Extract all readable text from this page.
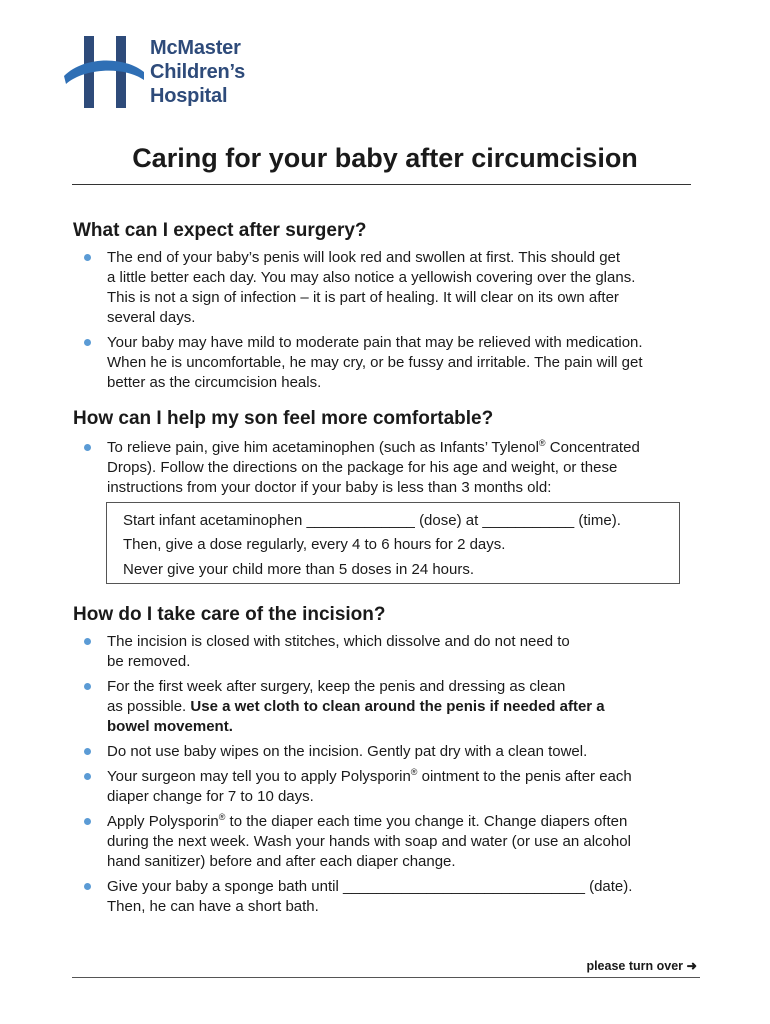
McMaster
Children’s
Hospital
Caring for your baby after circumcision
What can I expect after surgery?
The end of your baby’s penis will look red and swollen at first. This should get
a little better each day. You may also notice a yellowish covering over the glans.
This is not a sign of infection – it is part of healing. It will clear on its own after
several days.
Your baby may have mild to moderate pain that may be relieved with medication.
When he is uncomfortable, he may cry, or be fussy and irritable. The pain will get
better as the circumcision heals.
How can I help my son feel more comfortable?
To relieve pain, give him acetaminophen (such as Infants’ Tylenol® Concentrated
Drops). Follow the directions on the package for his age and weight, or these
instructions from your doctor if your baby is less than 3 months old:
Start infant acetaminophen _____________ (dose) at ___________ (time).
Then, give a dose regularly, every 4 to 6 hours for 2 days.
Never give your child more than 5 doses in 24 hours.
How do I take care of the incision?
The incision is closed with stitches, which dissolve and do not need to
be removed.
For the first week after surgery, keep the penis and dressing as clean
as possible. Use a wet cloth to clean around the penis if needed after a
bowel movement.
Do not use baby wipes on the incision. Gently pat dry with a clean towel.
Your surgeon may tell you to apply Polysporin® ointment to the penis after each
diaper change for 7 to 10 days.
Apply Polysporin® to the diaper each time you change it. Change diapers often
during the next week. Wash your hands with soap and water (or use an alcohol
hand sanitizer) before and after each diaper change.
Give your baby a sponge bath until _____________________________ (date).
Then, he can have a short bath.
please turn over ➜
